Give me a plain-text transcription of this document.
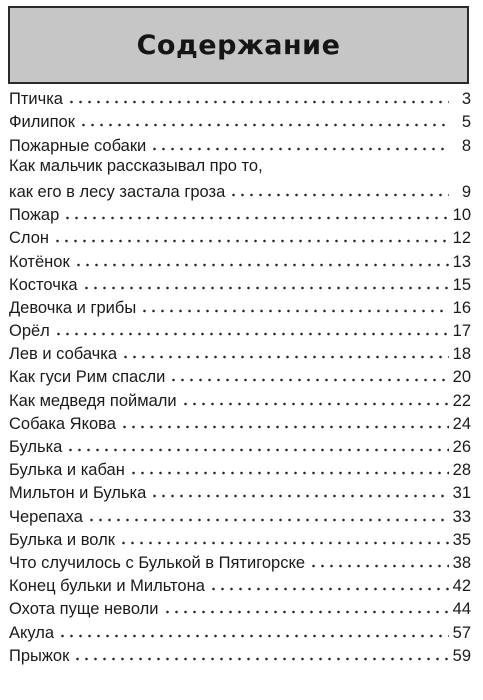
Содержание
Птичка	3
Филипок	5
Пожарные собаки	8
Как мальчик рассказывал про то,
как его в лесу застала гроза	9
Пожар	10
Слон	12
Котёнок	13
Косточка	15
Девочка и грибы	16
Орёл	17
Лев и собачка	18
Как гуси Рим спасли	20
Как медведя поймали	22
Собака Якова	24
Булька	26
Булька и кабан	28
Мильтон и Булька	31
Черепаха	33
Булька и волк	35
Что случилось с Булькой в Пятигорске	38
Конец бульки и Мильтона	42
Охота пуще неволи	44
Акула	57
Прыжок	59
